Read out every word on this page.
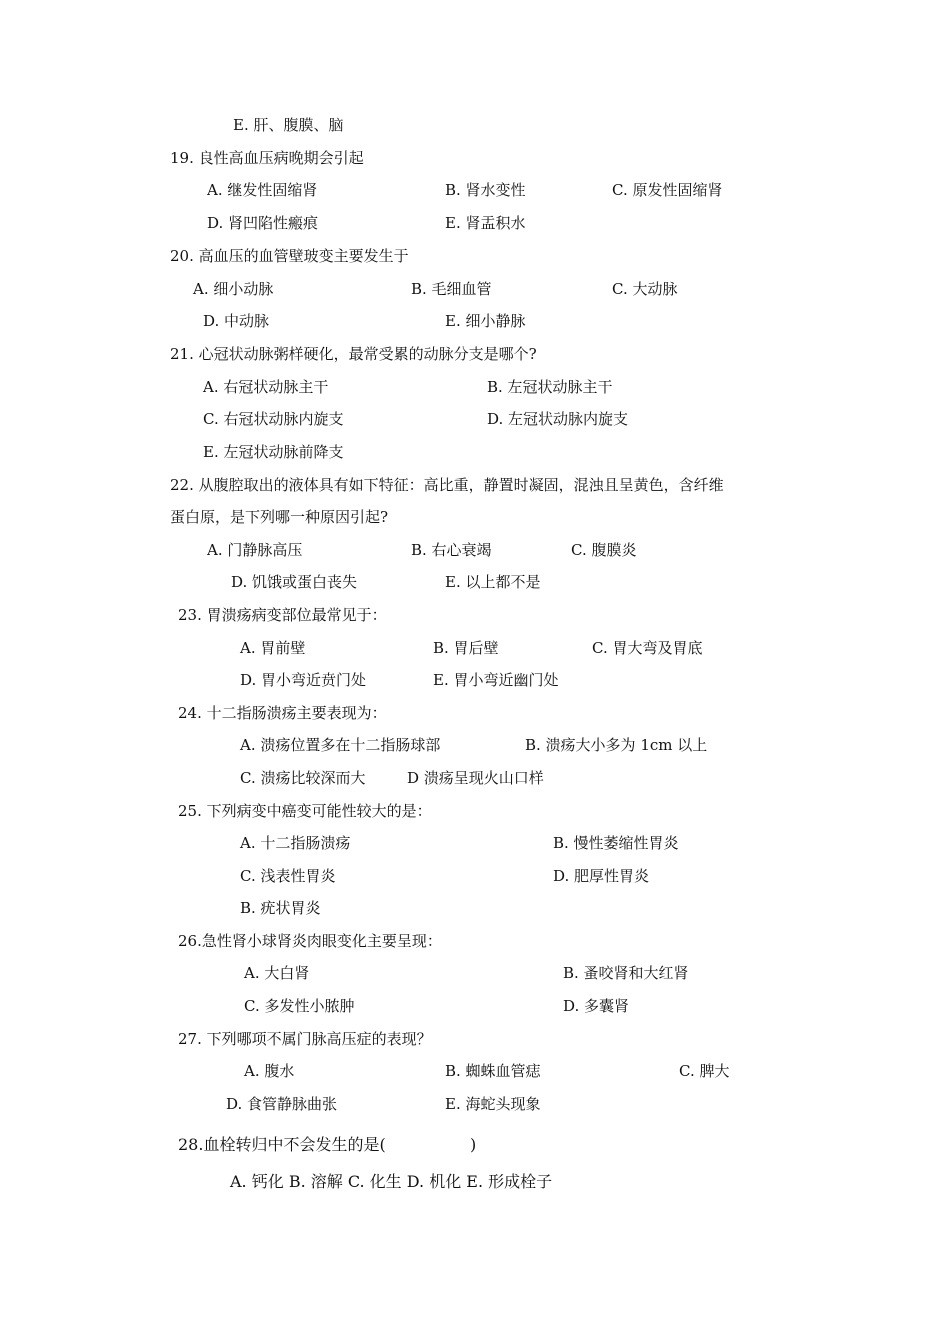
E. 肝、腹膜、脑
19. 良性高血压病晚期会引起
A. 继发性固缩肾	B. 肾水变性	C. 原发性固缩肾
D. 肾凹陷性瘢痕	E. 肾盂积水
20. 高血压的血管壁玻变主要发生于
A. 细小动脉	B. 毛细血管	C. 大动脉
D. 中动脉	E. 细小静脉
21. 心冠状动脉粥样硬化，最常受累的动脉分支是哪个?
A. 右冠状动脉主干	B. 左冠状动脉主干
C. 右冠状动脉内旋支	D. 左冠状动脉内旋支
E. 左冠状动脉前降支
22. 从腹腔取出的液体具有如下特征：高比重，静置时凝固，混浊且呈黄色，含纤维
蛋白原，是下列哪一种原因引起?
A. 门静脉高压	B. 右心衰竭	C. 腹膜炎
D. 饥饿或蛋白丧失	E. 以上都不是
23. 胃溃疡病变部位最常见于：
A. 胃前壁	B. 胃后壁	C. 胃大弯及胃底
D. 胃小弯近贲门处	E. 胃小弯近幽门处
24. 十二指肠溃疡主要表现为：
A. 溃疡位置多在十二指肠球部	B. 溃疡大小多为 1cm 以上
C. 溃疡比较深而大	D 溃疡呈现火山口样
25. 下列病变中癌变可能性较大的是：
A. 十二指肠溃疡	B. 慢性萎缩性胃炎
C. 浅表性胃炎	D. 肥厚性胃炎
B. 疣状胃炎
26.急性肾小球肾炎肉眼变化主要呈现：
A. 大白肾	B. 蚤咬肾和大红肾
C. 多发性小脓肿	D. 多囊肾
27. 下列哪项不属门脉高压症的表现？
A. 腹水	B. 蜘蛛血管痣	C. 脾大
D. 食管静脉曲张	E. 海蛇头现象
28.血栓转归中不会发生的是(	)
A. 钙化 B. 溶解 C. 化生 D. 机化 E. 形成栓子
